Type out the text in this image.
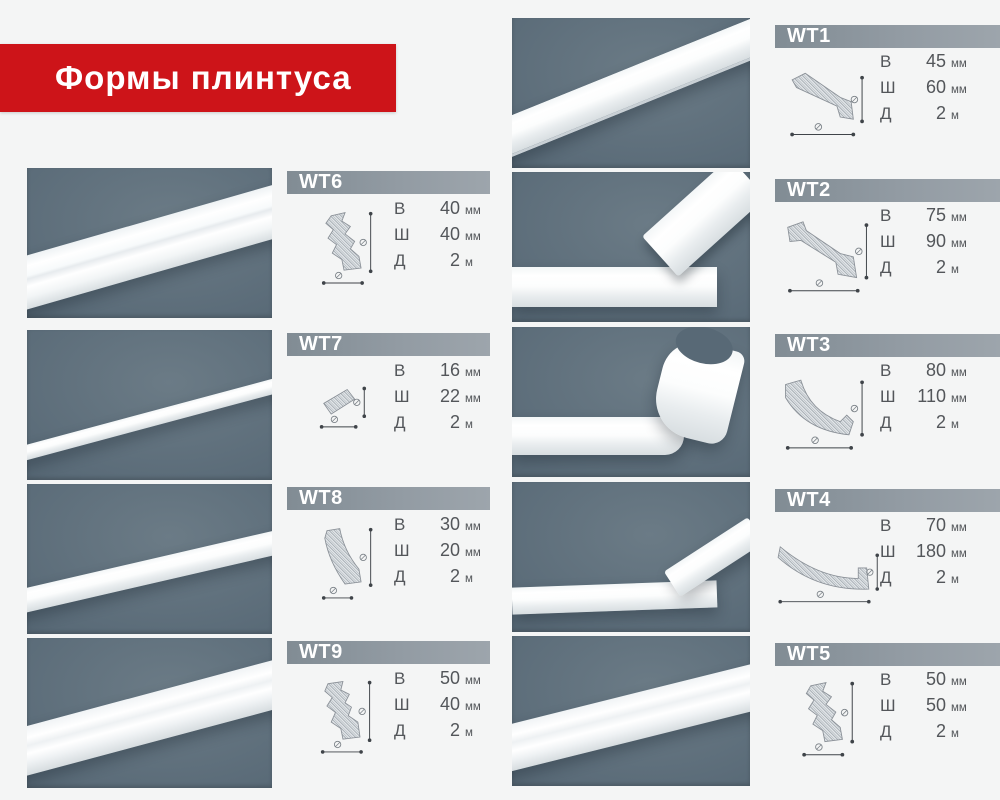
Формы плинтуса
WT6
В	40 мм
Ш	40 мм
Д	2 м
WT7
В	16 мм
Ш	22 мм
Д	2 м
WT8
В	30 мм
Ш	20 мм
Д	2 м
WT9
В	50 мм
Ш	40 мм
Д	2 м
WT1
В	45 мм
Ш	60 мм
Д	2 м
WT2
В	75 мм
Ш	90 мм
Д	2 м
WT3
В	80 мм
Ш	110 мм
Д	2 м
WT4
В	70 мм
Ш	180 мм
Д	2 м
WT5
В	50 мм
Ш	50 мм
Д	2 м
